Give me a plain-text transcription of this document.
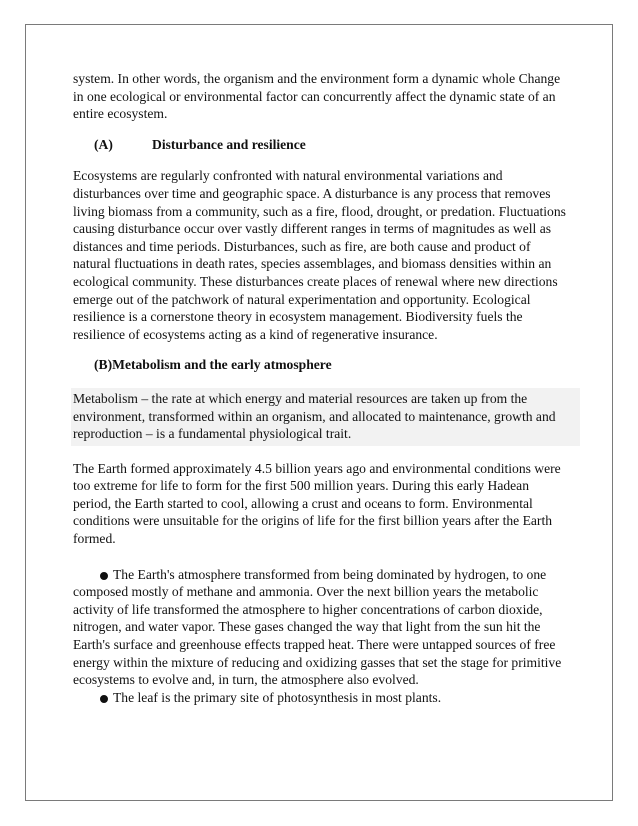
system. In other words, the organism and the environment form a dynamic whole Change in one ecological or environmental factor can concurrently affect the dynamic state of an entire ecosystem.

(A)	Disturbance and resilience

Ecosystems are regularly confronted with natural environmental variations and disturbances over time and geographic space. A disturbance is any process that removes living biomass from a community, such as a fire, flood, drought, or predation. Fluctuations causing disturbance occur over vastly different ranges in terms of magnitudes as well as distances and time periods. Disturbances, such as fire, are both cause and product of natural fluctuations in death rates, species assemblages, and biomass densities within an ecological community. These disturbances create places of renewal where new directions emerge out of the patchwork of natural experimentation and opportunity. Ecological resilience is a cornerstone theory in ecosystem management. Biodiversity fuels the resilience of ecosystems acting as a kind of regenerative insurance.

(B)Metabolism and the early atmosphere

Metabolism – the rate at which energy and material resources are taken up from the environment, transformed within an organism, and allocated to maintenance, growth and reproduction – is a fundamental physiological trait.

The Earth formed approximately 4.5 billion years ago and environmental conditions were too extreme for life to form for the first 500 million years. During this early Hadean period, the Earth started to cool, allowing a crust and oceans to form. Environmental conditions were unsuitable for the origins of life for the first billion years after the Earth formed.

The Earth's atmosphere transformed from being dominated by hydrogen, to one composed mostly of methane and ammonia. Over the next billion years the metabolic activity of life transformed the atmosphere to higher concentrations of carbon dioxide, nitrogen, and water vapor. These gases changed the way that light from the sun hit the Earth's surface and greenhouse effects trapped heat. There were untapped sources of free energy within the mixture of reducing and oxidizing gasses that set the stage for primitive ecosystems to evolve and, in turn, the atmosphere also evolved.
The leaf is the primary site of photosynthesis in most plants.
